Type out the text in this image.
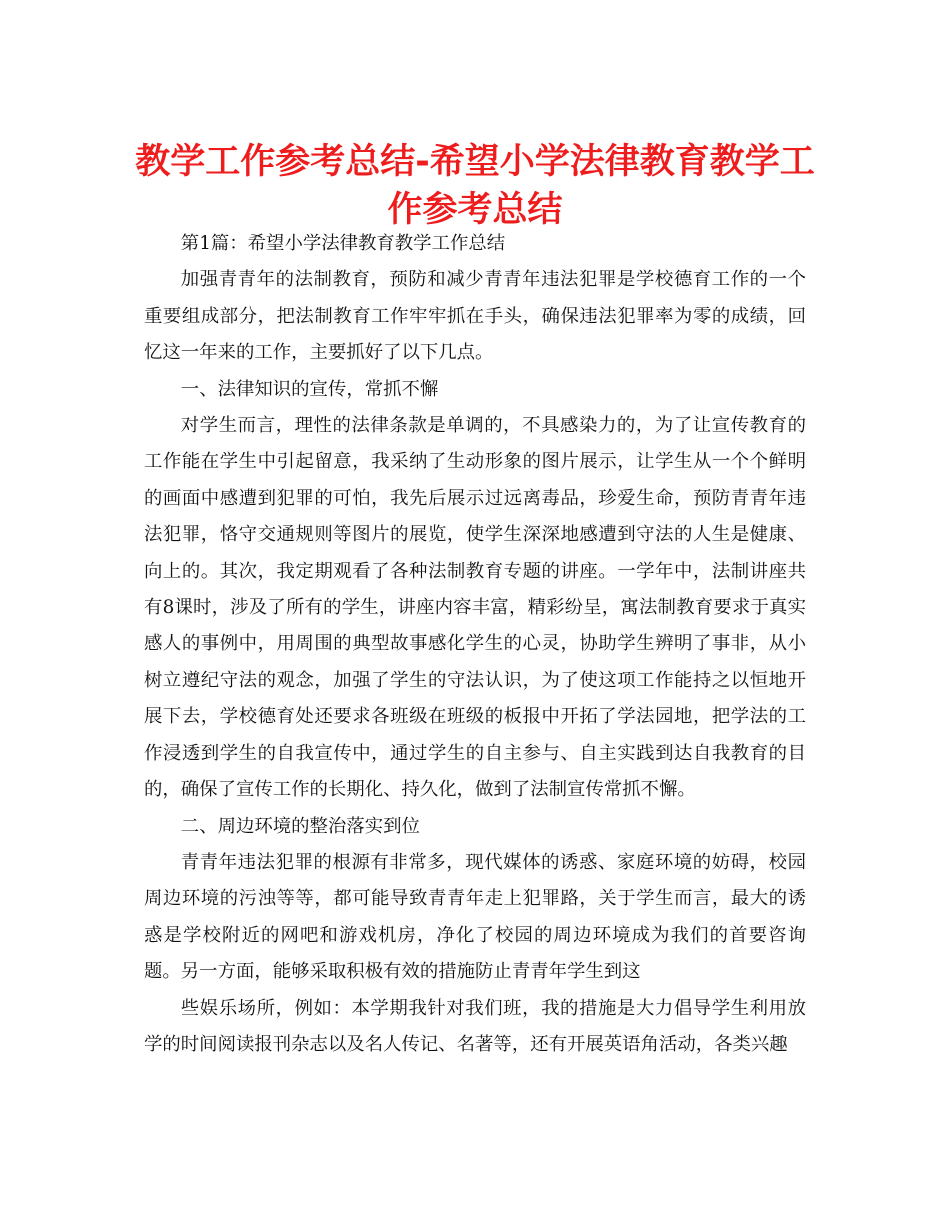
教学工作参考总结-希望小学法律教育教学工作参考总结

第1篇：希望小学法律教育教学工作总结

加强青青年的法制教育，预防和减少青青年违法犯罪是学校德育工作的一个重要组成部分，把法制教育工作牢牢抓在手头，确保违法犯罪率为零的成绩，回忆这一年来的工作，主要抓好了以下几点。

一、法律知识的宣传，常抓不懈

对学生而言，理性的法律条款是单调的，不具感染力的，为了让宣传教育的工作能在学生中引起留意，我采纳了生动形象的图片展示，让学生从一个个鲜明的画面中感遭到犯罪的可怕，我先后展示过远离毒品，珍爱生命，预防青青年违法犯罪，恪守交通规则等图片的展览，使学生深深地感遭到守法的人生是健康、向上的。其次，我定期观看了各种法制教育专题的讲座。一学年中，法制讲座共有8课时，涉及了所有的学生，讲座内容丰富，精彩纷呈，寓法制教育要求于真实感人的事例中，用周围的典型故事感化学生的心灵，协助学生辨明了事非，从小树立遵纪守法的观念，加强了学生的守法认识，为了使这项工作能持之以恒地开展下去，学校德育处还要求各班级在班级的板报中开拓了学法园地，把学法的工作浸透到学生的自我宣传中，通过学生的自主参与、自主实践到达自我教育的目的，确保了宣传工作的长期化、持久化，做到了法制宣传常抓不懈。

二、周边环境的整治落实到位

青青年违法犯罪的根源有非常多，现代媒体的诱惑、家庭环境的妨碍，校园周边环境的污浊等等，都可能导致青青年走上犯罪路，关于学生而言，最大的诱惑是学校附近的网吧和游戏机房，净化了校园的周边环境成为我们的首要咨询题。另一方面，能够采取积极有效的措施防止青青年学生到这

些娱乐场所，例如：本学期我针对我们班，我的措施是大力倡导学生利用放学的时间阅读报刊杂志以及名人传记、名著等，还有开展英语角活动，各类兴趣
